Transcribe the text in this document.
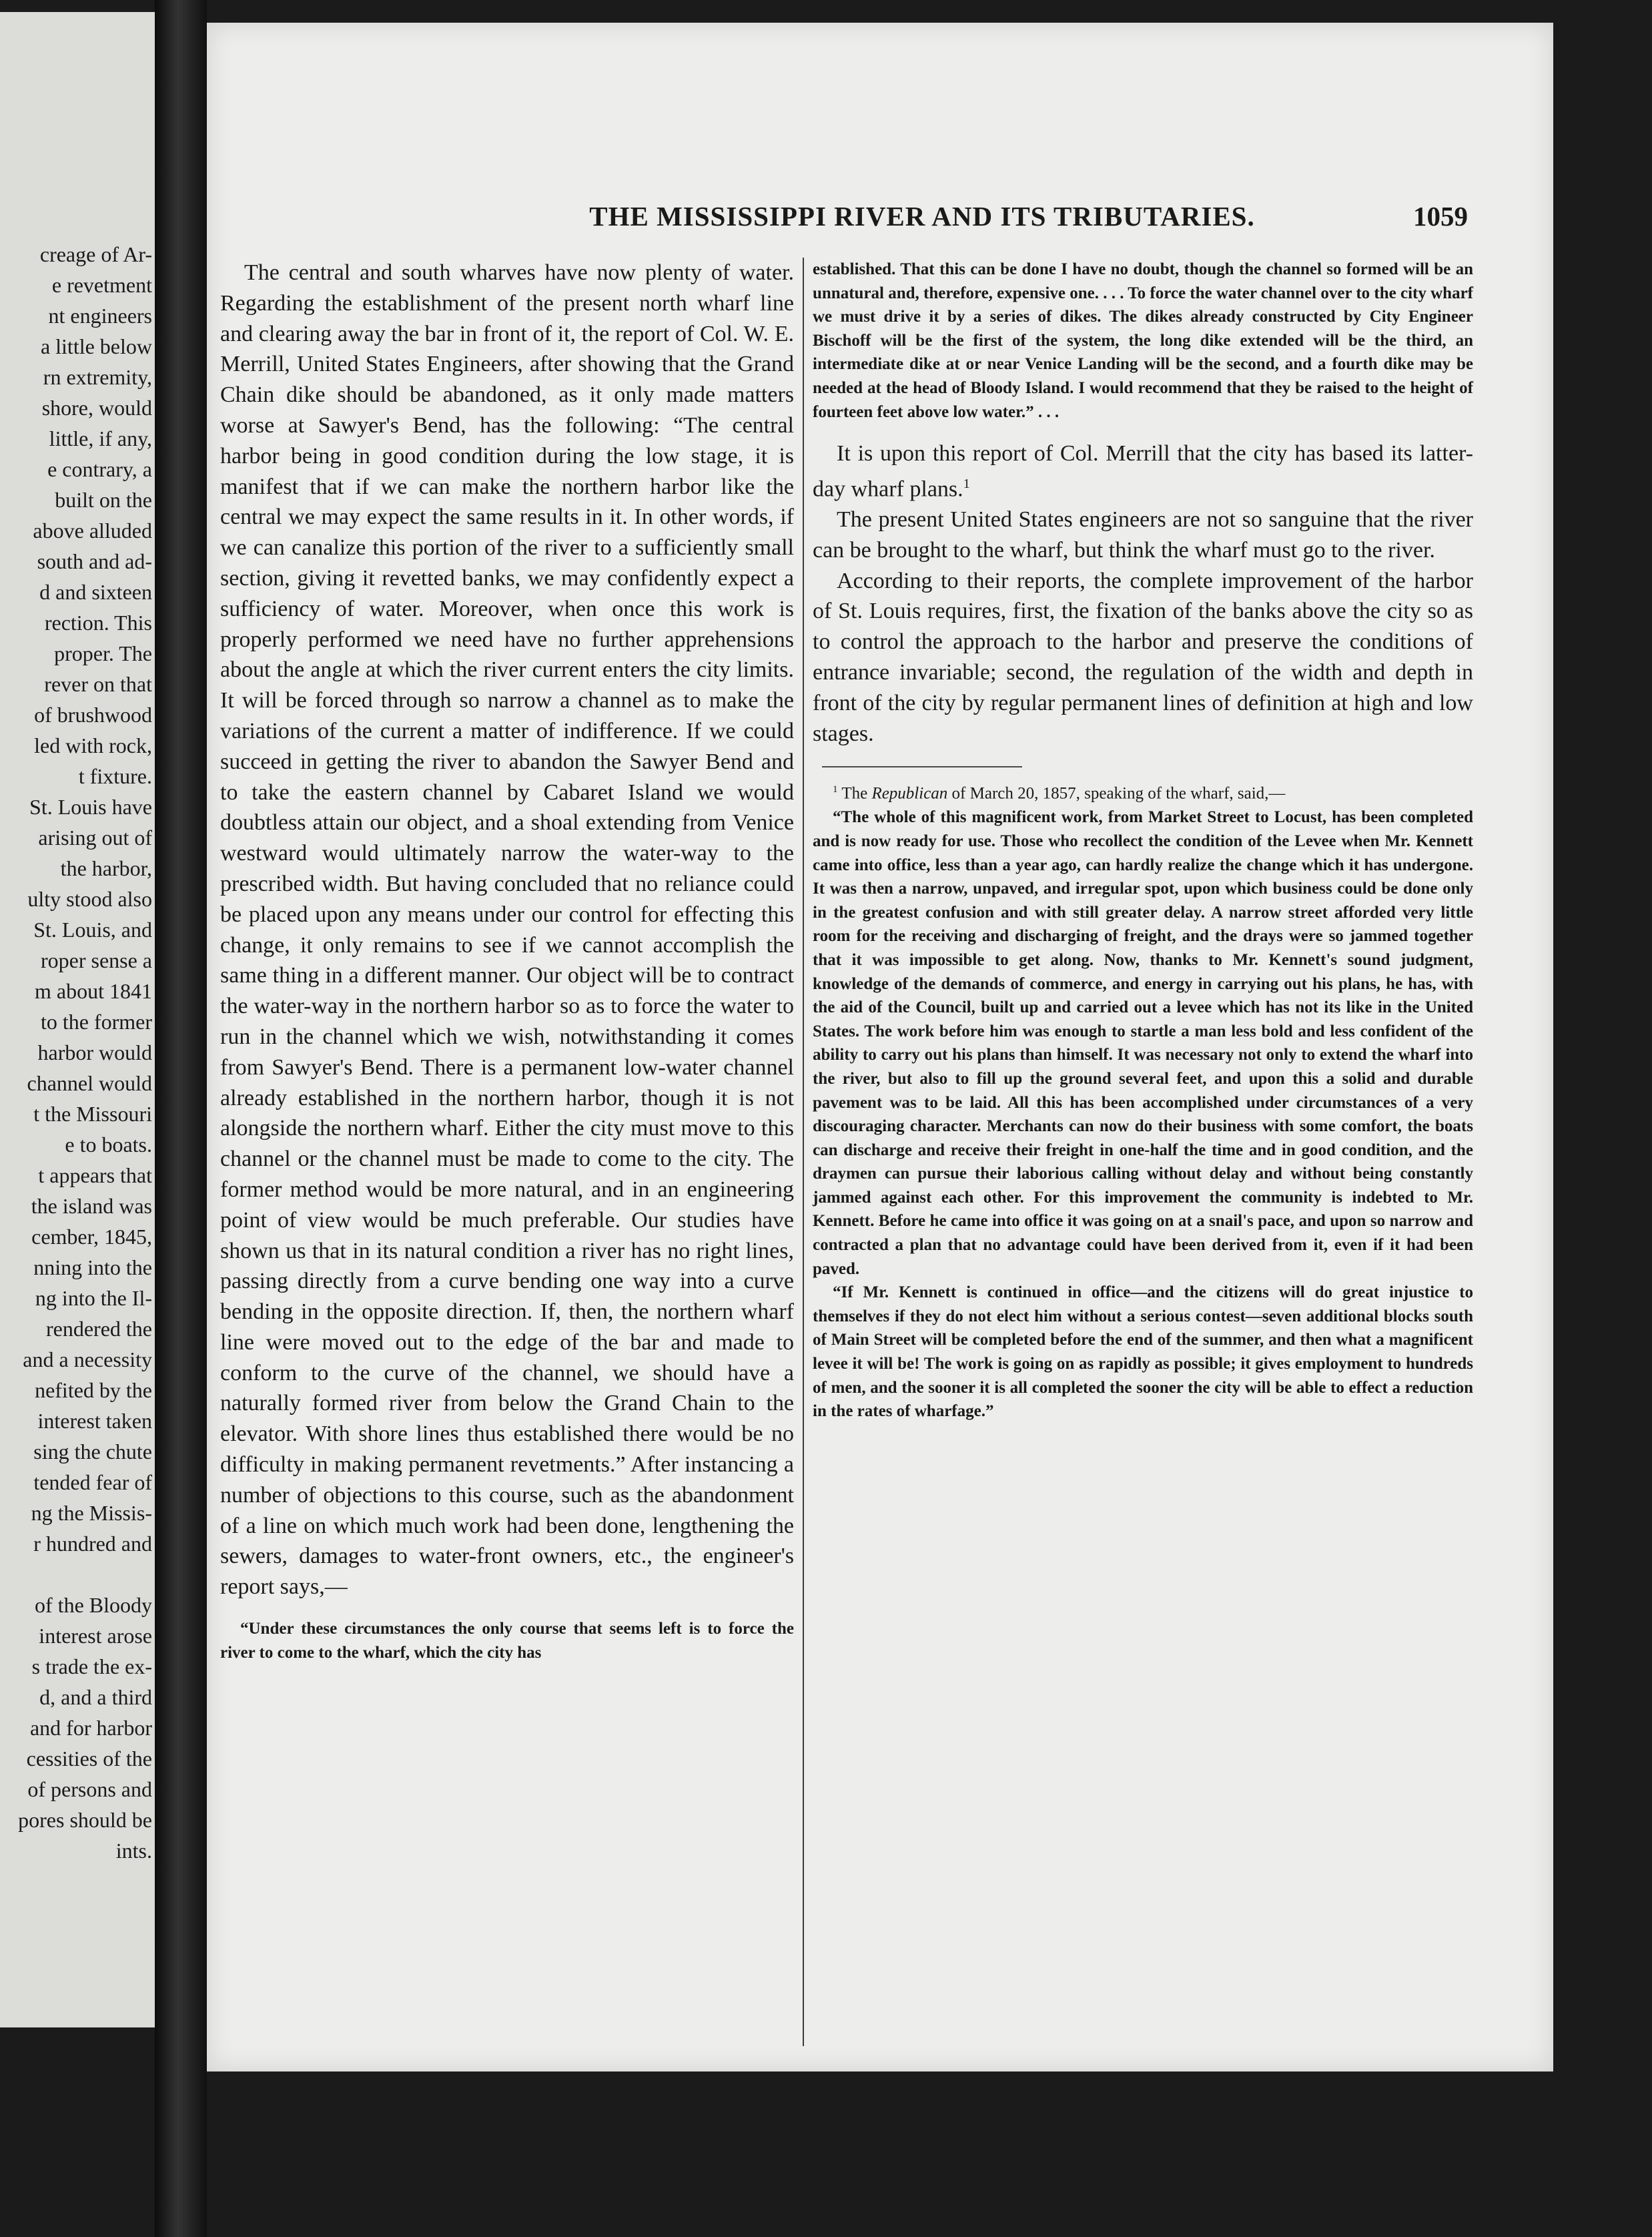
creage of Ar-
e revetment
nt engineers
a little below
rn extremity,
shore, would
little, if any,
e contrary, a
built on the
above alluded
south and ad-
d and sixteen
rection. This
proper. The
rever on that
of brushwood
led with rock,
t fixture.
St. Louis have
arising out of
the harbor,
ulty stood also
St. Louis, and
roper sense a
m about 1841
to the former
harbor would
channel would
t the Missouri
e to boats.
t appears that
the island was
cember, 1845,
nning into the
ng into the Il-
rendered the
and a necessity
nefited by the
interest taken
sing the chute
tended fear of
ng the Missis-
r hundred and
of the Bloody
interest arose
s trade the ex-
d, and a third
and for harbor
cessities of the
of persons and
pores should be
ints.
THE MISSISSIPPI RIVER AND ITS TRIBUTARIES.	1059

The central and south wharves have now plenty of water. Regarding the establishment of the present north wharf line and clearing away the bar in front of it, the report of Col. W. E. Merrill, United States Engineers, after showing that the Grand Chain dike should be abandoned, as it only made matters worse at Sawyer's Bend, has the following: “The central harbor being in good condition during the low stage, it is manifest that if we can make the northern harbor like the central we may expect the same results in it. In other words, if we can canalize this portion of the river to a sufficiently small section, giving it revetted banks, we may confidently expect a sufficiency of water. Moreover, when once this work is properly performed we need have no further apprehensions about the angle at which the river current enters the city limits. It will be forced through so narrow a channel as to make the variations of the current a matter of indifference. If we could succeed in getting the river to abandon the Sawyer Bend and to take the eastern channel by Cabaret Island we would doubtless attain our object, and a shoal extending from Venice westward would ultimately narrow the water-way to the prescribed width. But having concluded that no reliance could be placed upon any means under our control for effecting this change, it only remains to see if we cannot accomplish the same thing in a different manner. Our object will be to contract the water-way in the northern harbor so as to force the water to run in the channel which we wish, notwithstanding it comes from Sawyer's Bend. There is a permanent low-water channel already established in the northern harbor, though it is not alongside the northern wharf. Either the city must move to this channel or the channel must be made to come to the city. The former method would be more natural, and in an engineering point of view would be much preferable. Our studies have shown us that in its natural condition a river has no right lines, passing directly from a curve bending one way into a curve bending in the opposite direction. If, then, the northern wharf line were moved out to the edge of the bar and made to conform to the curve of the channel, we should have a naturally formed river from below the Grand Chain to the elevator. With shore lines thus established there would be no difficulty in making permanent revetments.” After instancing a number of objections to this course, such as the abandonment of a line on which much work had been done, lengthening the sewers, damages to water-front owners, etc., the engineer's report says,—

“Under these circumstances the only course that seems left is to force the river to come to the wharf, which the city has

established. That this can be done I have no doubt, though the channel so formed will be an unnatural and, therefore, expensive one. . . . To force the water channel over to the city wharf we must drive it by a series of dikes. The dikes already constructed by City Engineer Bischoff will be the first of the system, the long dike extended will be the third, an intermediate dike at or near Venice Landing will be the second, and a fourth dike may be needed at the head of Bloody Island. I would recommend that they be raised to the height of fourteen feet above low water.” . . .

It is upon this report of Col. Merrill that the city has based its latter-day wharf plans.$^1$

The present United States engineers are not so sanguine that the river can be brought to the wharf, but think the wharf must go to the river.

According to their reports, the complete improvement of the harbor of St. Louis requires, first, the fixation of the banks above the city so as to control the approach to the harbor and preserve the conditions of entrance invariable; second, the regulation of the width and depth in front of the city by regular permanent lines of definition at high and low stages.

$^1$ The Republican of March 20, 1857, speaking of the wharf, said,—

“The whole of this magnificent work, from Market Street to Locust, has been completed and is now ready for use. Those who recollect the condition of the Levee when Mr. Kennett came into office, less than a year ago, can hardly realize the change which it has undergone. It was then a narrow, unpaved, and irregular spot, upon which business could be done only in the greatest confusion and with still greater delay. A narrow street afforded very little room for the receiving and discharging of freight, and the drays were so jammed together that it was impossible to get along. Now, thanks to Mr. Kennett's sound judgment, knowledge of the demands of commerce, and energy in carrying out his plans, he has, with the aid of the Council, built up and carried out a levee which has not its like in the United States. The work before him was enough to startle a man less bold and less confident of the ability to carry out his plans than himself. It was necessary not only to extend the wharf into the river, but also to fill up the ground several feet, and upon this a solid and durable pavement was to be laid. All this has been accomplished under circumstances of a very discouraging character. Merchants can now do their business with some comfort, the boats can discharge and receive their freight in one-half the time and in good condition, and the draymen can pursue their laborious calling without delay and without being constantly jammed against each other. For this improvement the community is indebted to Mr. Kennett. Before he came into office it was going on at a snail's pace, and upon so narrow and contracted a plan that no advantage could have been derived from it, even if it had been paved.

“If Mr. Kennett is continued in office—and the citizens will do great injustice to themselves if they do not elect him without a serious contest—seven additional blocks south of Main Street will be completed before the end of the summer, and then what a magnificent levee it will be! The work is going on as rapidly as possible; it gives employment to hundreds of men, and the sooner it is all completed the sooner the city will be able to effect a reduction in the rates of wharfage.”
